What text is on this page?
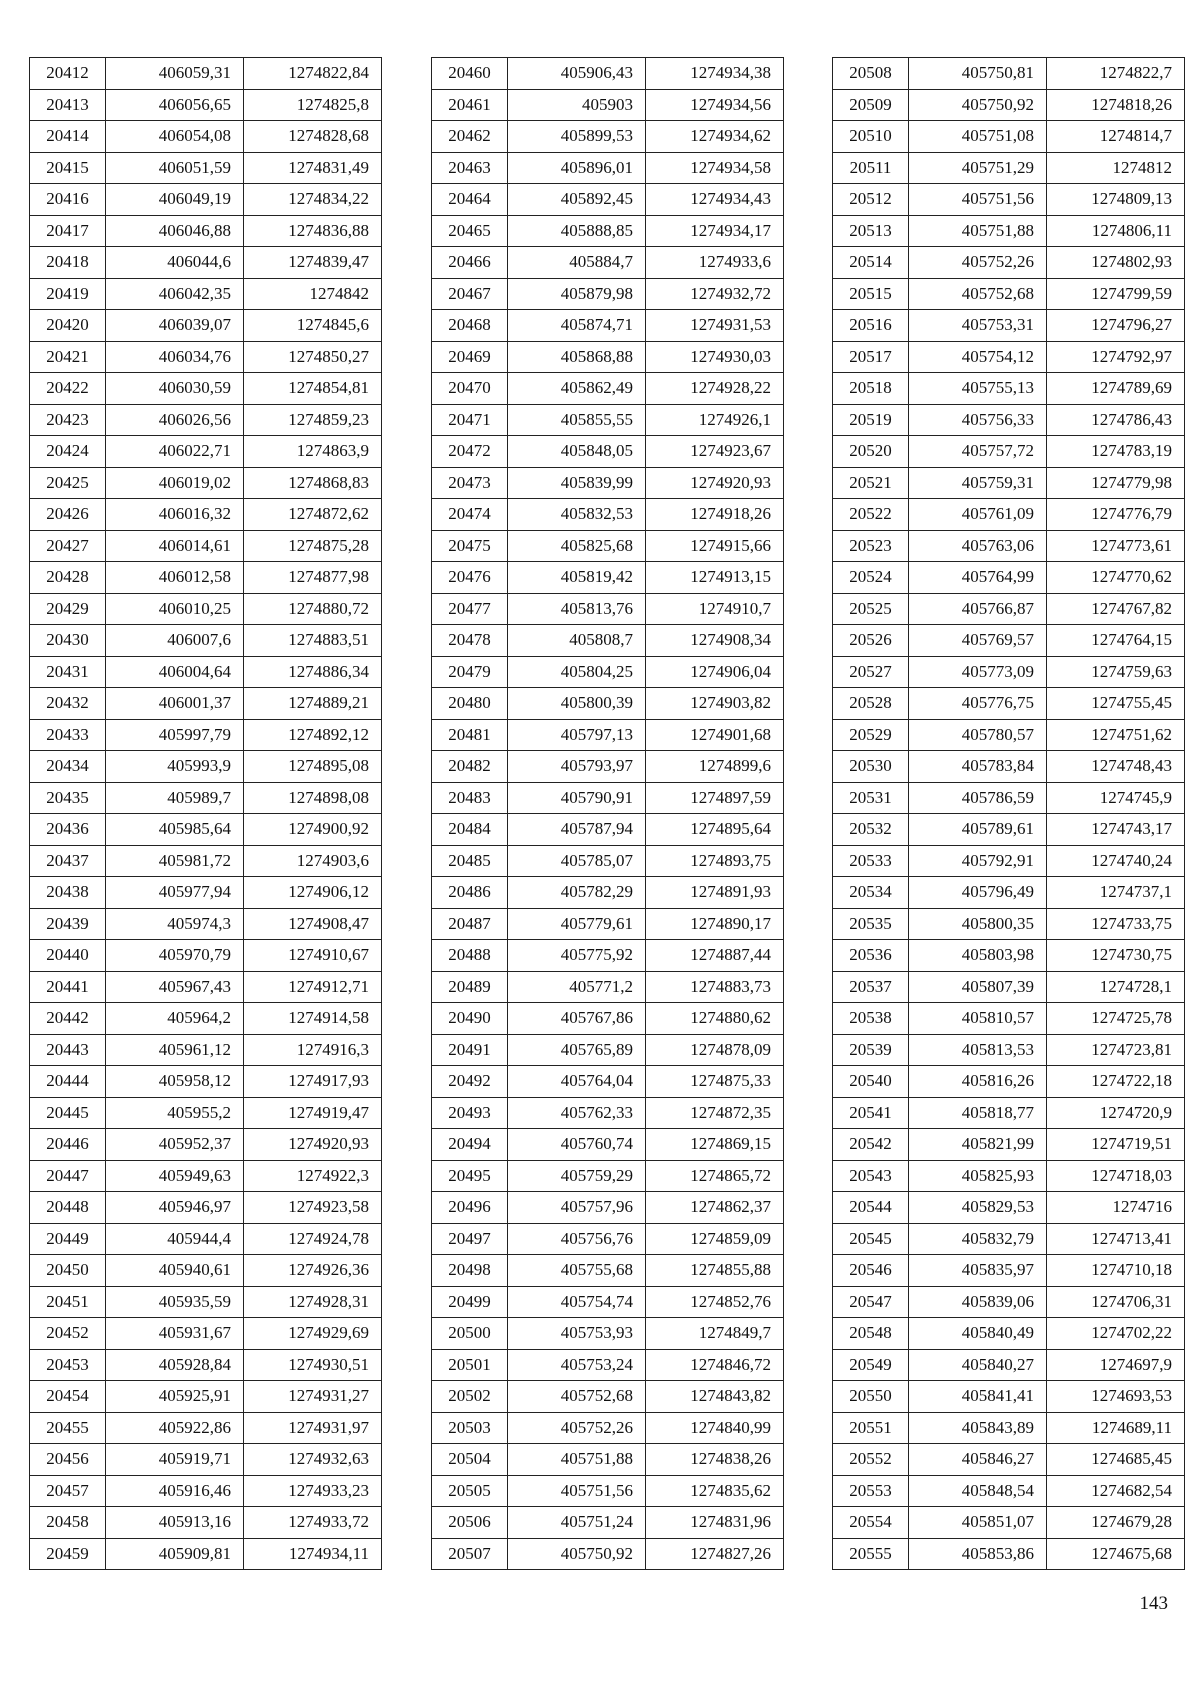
20412	406059,31	1274822,84
20413	406056,65	1274825,8
20414	406054,08	1274828,68
20415	406051,59	1274831,49
20416	406049,19	1274834,22
20417	406046,88	1274836,88
20418	406044,6	1274839,47
20419	406042,35	1274842
20420	406039,07	1274845,6
20421	406034,76	1274850,27
20422	406030,59	1274854,81
20423	406026,56	1274859,23
20424	406022,71	1274863,9
20425	406019,02	1274868,83
20426	406016,32	1274872,62
20427	406014,61	1274875,28
20428	406012,58	1274877,98
20429	406010,25	1274880,72
20430	406007,6	1274883,51
20431	406004,64	1274886,34
20432	406001,37	1274889,21
20433	405997,79	1274892,12
20434	405993,9	1274895,08
20435	405989,7	1274898,08
20436	405985,64	1274900,92
20437	405981,72	1274903,6
20438	405977,94	1274906,12
20439	405974,3	1274908,47
20440	405970,79	1274910,67
20441	405967,43	1274912,71
20442	405964,2	1274914,58
20443	405961,12	1274916,3
20444	405958,12	1274917,93
20445	405955,2	1274919,47
20446	405952,37	1274920,93
20447	405949,63	1274922,3
20448	405946,97	1274923,58
20449	405944,4	1274924,78
20450	405940,61	1274926,36
20451	405935,59	1274928,31
20452	405931,67	1274929,69
20453	405928,84	1274930,51
20454	405925,91	1274931,27
20455	405922,86	1274931,97
20456	405919,71	1274932,63
20457	405916,46	1274933,23
20458	405913,16	1274933,72
20459	405909,81	1274934,11
20460	405906,43	1274934,38
20461	405903	1274934,56
20462	405899,53	1274934,62
20463	405896,01	1274934,58
20464	405892,45	1274934,43
20465	405888,85	1274934,17
20466	405884,7	1274933,6
20467	405879,98	1274932,72
20468	405874,71	1274931,53
20469	405868,88	1274930,03
20470	405862,49	1274928,22
20471	405855,55	1274926,1
20472	405848,05	1274923,67
20473	405839,99	1274920,93
20474	405832,53	1274918,26
20475	405825,68	1274915,66
20476	405819,42	1274913,15
20477	405813,76	1274910,7
20478	405808,7	1274908,34
20479	405804,25	1274906,04
20480	405800,39	1274903,82
20481	405797,13	1274901,68
20482	405793,97	1274899,6
20483	405790,91	1274897,59
20484	405787,94	1274895,64
20485	405785,07	1274893,75
20486	405782,29	1274891,93
20487	405779,61	1274890,17
20488	405775,92	1274887,44
20489	405771,2	1274883,73
20490	405767,86	1274880,62
20491	405765,89	1274878,09
20492	405764,04	1274875,33
20493	405762,33	1274872,35
20494	405760,74	1274869,15
20495	405759,29	1274865,72
20496	405757,96	1274862,37
20497	405756,76	1274859,09
20498	405755,68	1274855,88
20499	405754,74	1274852,76
20500	405753,93	1274849,7
20501	405753,24	1274846,72
20502	405752,68	1274843,82
20503	405752,26	1274840,99
20504	405751,88	1274838,26
20505	405751,56	1274835,62
20506	405751,24	1274831,96
20507	405750,92	1274827,26
20508	405750,81	1274822,7
20509	405750,92	1274818,26
20510	405751,08	1274814,7
20511	405751,29	1274812
20512	405751,56	1274809,13
20513	405751,88	1274806,11
20514	405752,26	1274802,93
20515	405752,68	1274799,59
20516	405753,31	1274796,27
20517	405754,12	1274792,97
20518	405755,13	1274789,69
20519	405756,33	1274786,43
20520	405757,72	1274783,19
20521	405759,31	1274779,98
20522	405761,09	1274776,79
20523	405763,06	1274773,61
20524	405764,99	1274770,62
20525	405766,87	1274767,82
20526	405769,57	1274764,15
20527	405773,09	1274759,63
20528	405776,75	1274755,45
20529	405780,57	1274751,62
20530	405783,84	1274748,43
20531	405786,59	1274745,9
20532	405789,61	1274743,17
20533	405792,91	1274740,24
20534	405796,49	1274737,1
20535	405800,35	1274733,75
20536	405803,98	1274730,75
20537	405807,39	1274728,1
20538	405810,57	1274725,78
20539	405813,53	1274723,81
20540	405816,26	1274722,18
20541	405818,77	1274720,9
20542	405821,99	1274719,51
20543	405825,93	1274718,03
20544	405829,53	1274716
20545	405832,79	1274713,41
20546	405835,97	1274710,18
20547	405839,06	1274706,31
20548	405840,49	1274702,22
20549	405840,27	1274697,9
20550	405841,41	1274693,53
20551	405843,89	1274689,11
20552	405846,27	1274685,45
20553	405848,54	1274682,54
20554	405851,07	1274679,28
20555	405853,86	1274675,68
143
